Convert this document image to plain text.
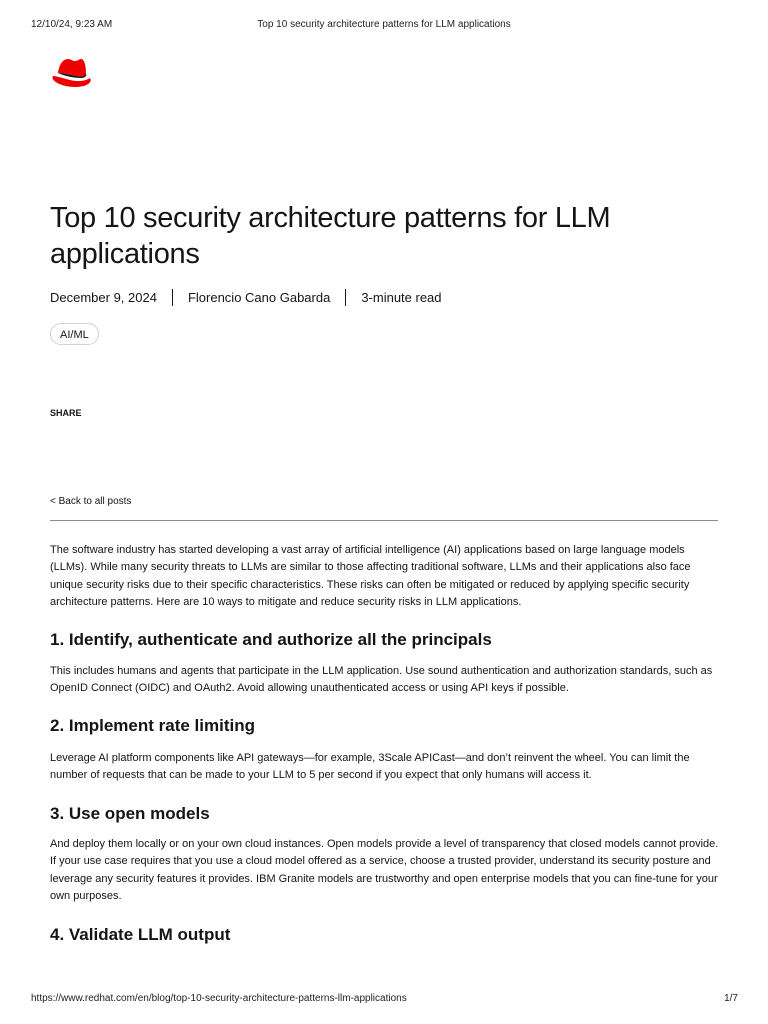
12/10/24, 9:23 AM	Top 10 security architecture patterns for LLM applications
Top 10 security architecture patterns for LLM applications
December 9, 2024 Florencio Cano Gabarda 3-minute read
AI/ML
SHARE
< Back to all posts

The software industry has started developing a vast array of artificial intelligence (AI) applications based on large language models (LLMs). While many security threats to LLMs are similar to those affecting traditional software, LLMs and their applications also face unique security risks due to their specific characteristics. These risks can often be mitigated or reduced by applying specific security architecture patterns. Here are 10 ways to mitigate and reduce security risks in LLM applications.

1. Identify, authenticate and authorize all the principals

This includes humans and agents that participate in the LLM application. Use sound authentication and authorization standards, such as OpenID Connect (OIDC) and OAuth2. Avoid allowing unauthenticated access or using API keys if possible.

2. Implement rate limiting

Leverage AI platform components like API gateways—for example, 3Scale APICast—and don’t reinvent the wheel. You can limit the number of requests that can be made to your LLM to 5 per second if you expect that only humans will access it.

3. Use open models

And deploy them locally or on your own cloud instances. Open models provide a level of transparency that closed models cannot provide. If your use case requires that you use a cloud model offered as a service, choose a trusted provider, understand its security posture and leverage any security features it provides. IBM Granite models are trustworthy and open enterprise models that you can fine-tune for your own purposes.

4. Validate LLM output
https://www.redhat.com/en/blog/top-10-security-architecture-patterns-llm-applications	1/7
